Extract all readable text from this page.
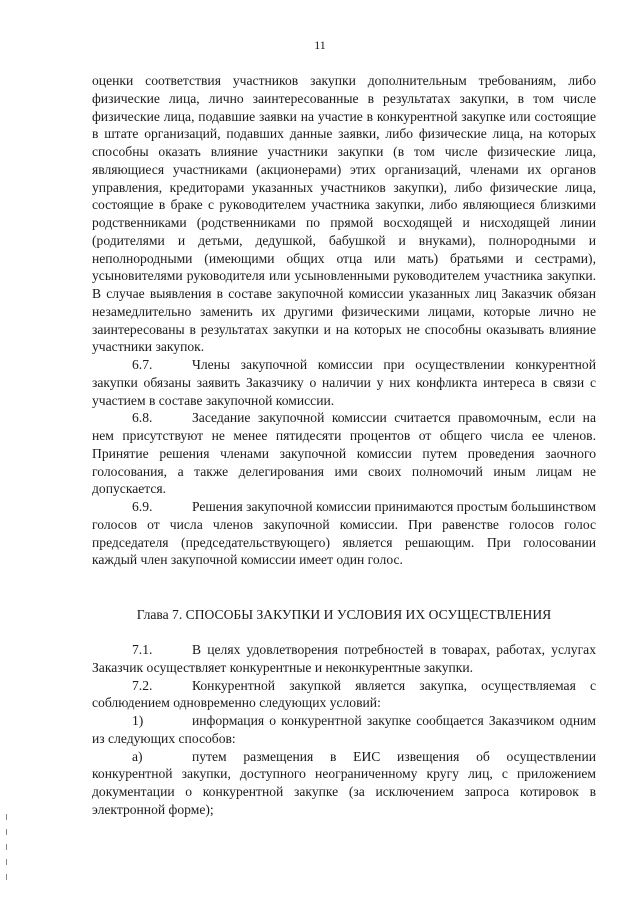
11

оценки соответствия участников закупки дополнительным требованиям, либо физические лица, лично заинтересованные в результатах закупки, в том числе физические лица, подавшие заявки на участие в конкурентной закупке или состоящие в штате организаций, подавших данные заявки, либо физические лица, на которых способны оказать влияние участники закупки (в том числе физические лица, являющиеся участниками (акционерами) этих организаций, членами их органов управления, кредиторами указанных участников закупки), либо физические лица, состоящие в браке с руководителем участника закупки, либо являющиеся близкими родственниками (родственниками по прямой восходящей и нисходящей линии (родителями и детьми, дедушкой, бабушкой и внуками), полнородными и неполнородными (имеющими общих отца или мать) братьями и сестрами), усыновителями руководителя или усыновленными руководителем участника закупки. В случае выявления в составе закупочной комиссии указанных лиц Заказчик обязан незамедлительно заменить их другими физическими лицами, которые лично не заинтересованы в результатах закупки и на которых не способны оказывать влияние участники закупок.

6.7.	Члены закупочной комиссии при осуществлении конкурентной закупки обязаны заявить Заказчику о наличии у них конфликта интереса в связи с участием в составе закупочной комиссии.

6.8.	Заседание закупочной комиссии считается правомочным, если на нем присутствуют не менее пятидесяти процентов от общего числа ее членов. Принятие решения членами закупочной комиссии путем проведения заочного голосования, а также делегирования ими своих полномочий иным лицам не допускается.

6.9.	Решения закупочной комиссии принимаются простым большинством голосов от числа членов закупочной комиссии. При равенстве голосов голос председателя (председательствующего) является решающим. При голосовании каждый член закупочной комиссии имеет один голос.

Глава 7. СПОСОБЫ ЗАКУПКИ И УСЛОВИЯ ИХ ОСУЩЕСТВЛЕНИЯ

7.1.	В целях удовлетворения потребностей в товарах, работах, услугах Заказчик осуществляет конкурентные и неконкурентные закупки.

7.2.	Конкурентной закупкой является закупка, осуществляемая с соблюдением одновременно следующих условий:

1)	информация о конкурентной закупке сообщается Заказчиком одним из следующих способов:

а)	путем размещения в ЕИС извещения об осуществлении конкурентной закупки, доступного неограниченному кругу лиц, с приложением документации о конкурентной закупке (за исключением запроса котировок в электронной форме);
